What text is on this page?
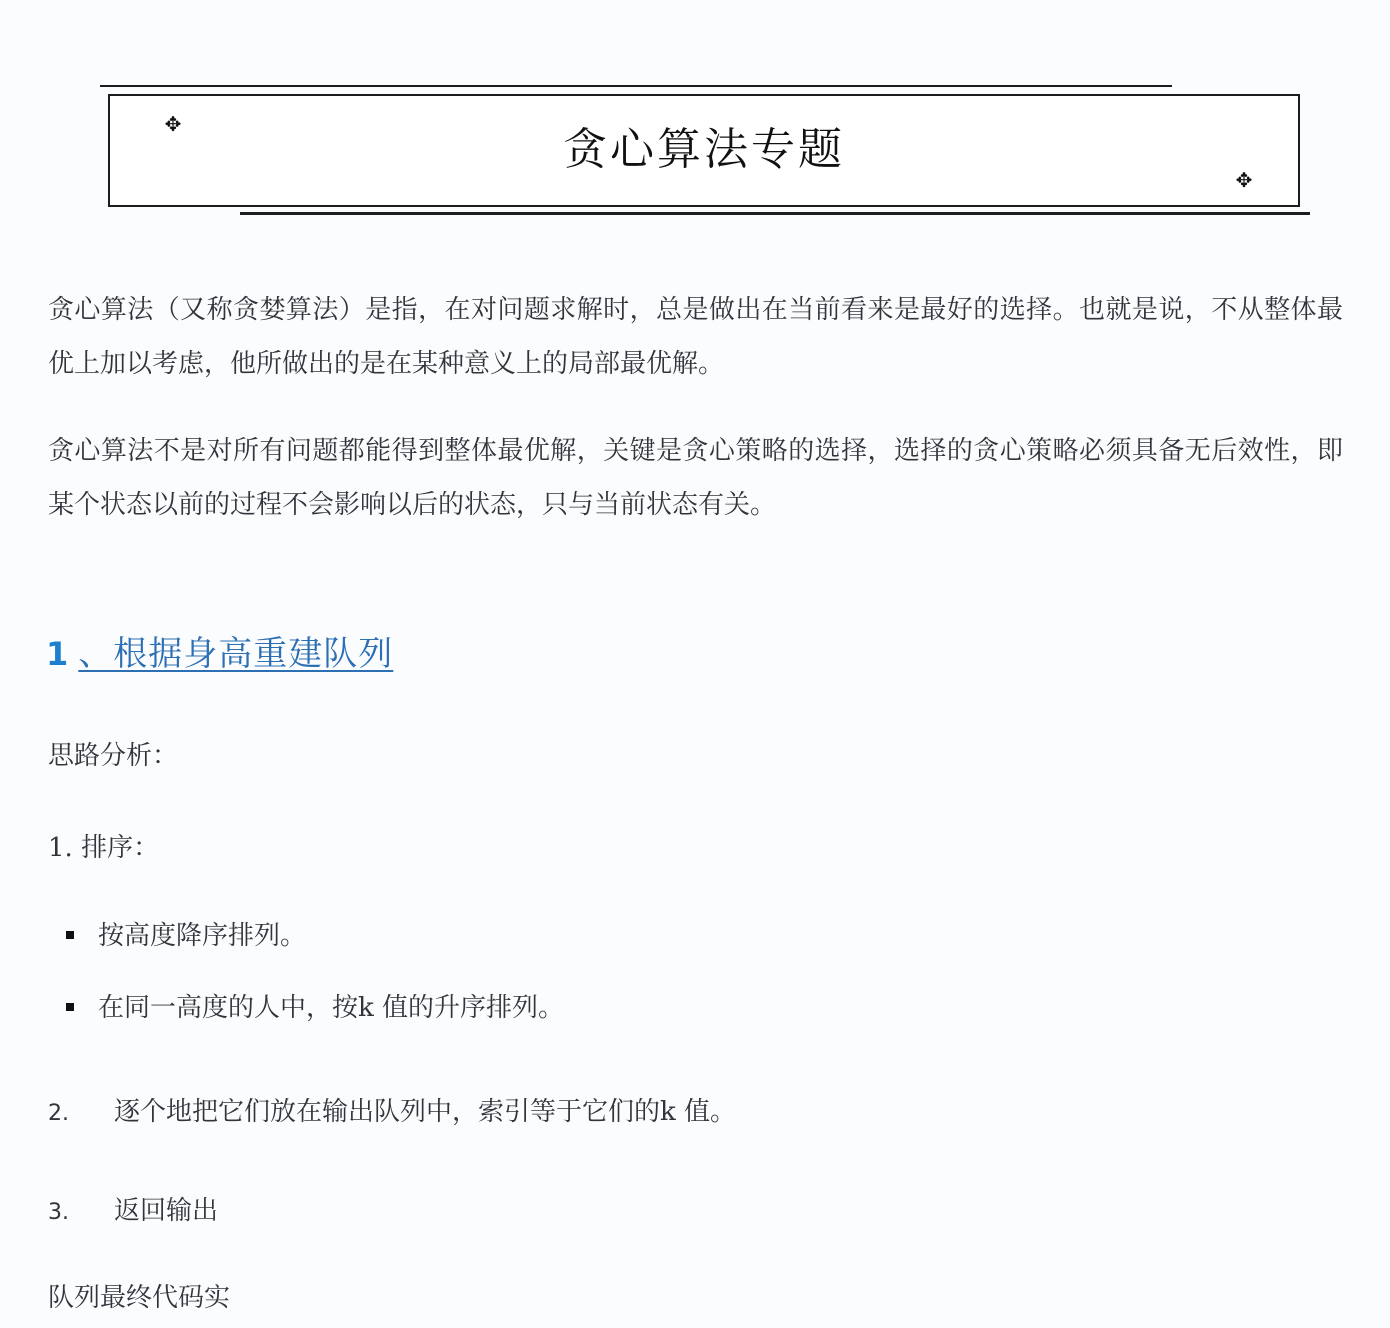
✥
✥
贪心算法专题

贪心算法（又称贪婪算法）是指，在对问题求解时，总是做出在当前看来是最好的选择。也就是说，不从整体最优上加以考虑，他所做出的是在某种意义上的局部最优解。

贪心算法不是对所有问题都能得到整体最优解，关键是贪心策略的选择，选择的贪心策略必须具备无后效性，即某个状态以前的过程不会影响以后的状态，只与当前状态有关。

1 、根据身高重建队列
思路分析：
1. 排序：
按高度降序排列。
在同一高度的人中，按k 值的升序排列。
2. 逐个地把它们放在输出队列中，索引等于它们的k 值。
3. 返回输出
队列最终代码实
